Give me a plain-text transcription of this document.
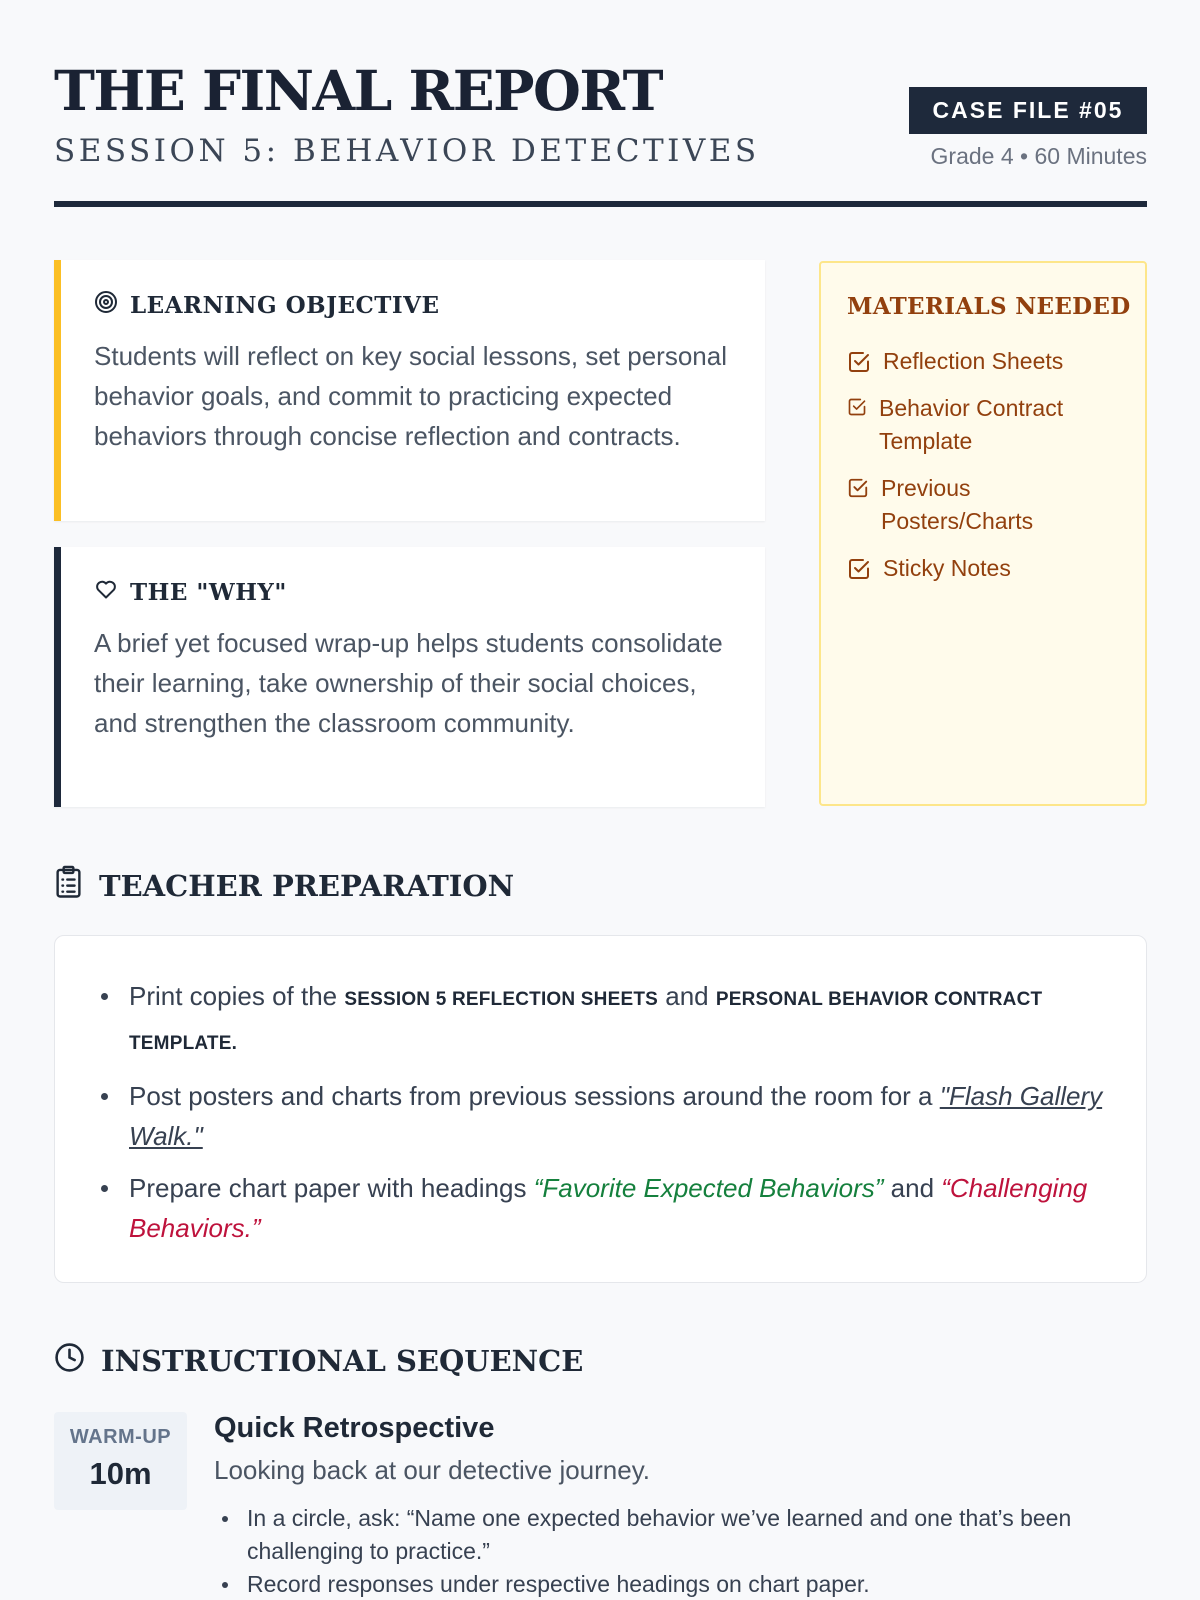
THE FINAL REPORT
SESSION 5: BEHAVIOR DETECTIVES
CASE FILE #05
Grade 4 • 60 Minutes
LEARNING OBJECTIVE
Students will reflect on key social lessons, set personal behavior goals, and commit to practicing expected behaviors through concise reflection and contracts.
THE "WHY"
A brief yet focused wrap-up helps students consolidate their learning, take ownership of their social choices, and strengthen the classroom community.
MATERIALS NEEDED
Reflection Sheets
Behavior Contract Template
Previous Posters/Charts
Sticky Notes
TEACHER PREPARATION
Print copies of the SESSION 5 REFLECTION SHEETS and PERSONAL BEHAVIOR CONTRACT TEMPLATE.
Post posters and charts from previous sessions around the room for a "Flash Gallery Walk."
Prepare chart paper with headings “Favorite Expected Behaviors” and “Challenging Behaviors.”
INSTRUCTIONAL SEQUENCE
WARM-UP
10m
Quick Retrospective
Looking back at our detective journey.
In a circle, ask: “Name one expected behavior we’ve learned and one that’s been challenging to practice.”
Record responses under respective headings on chart paper.
